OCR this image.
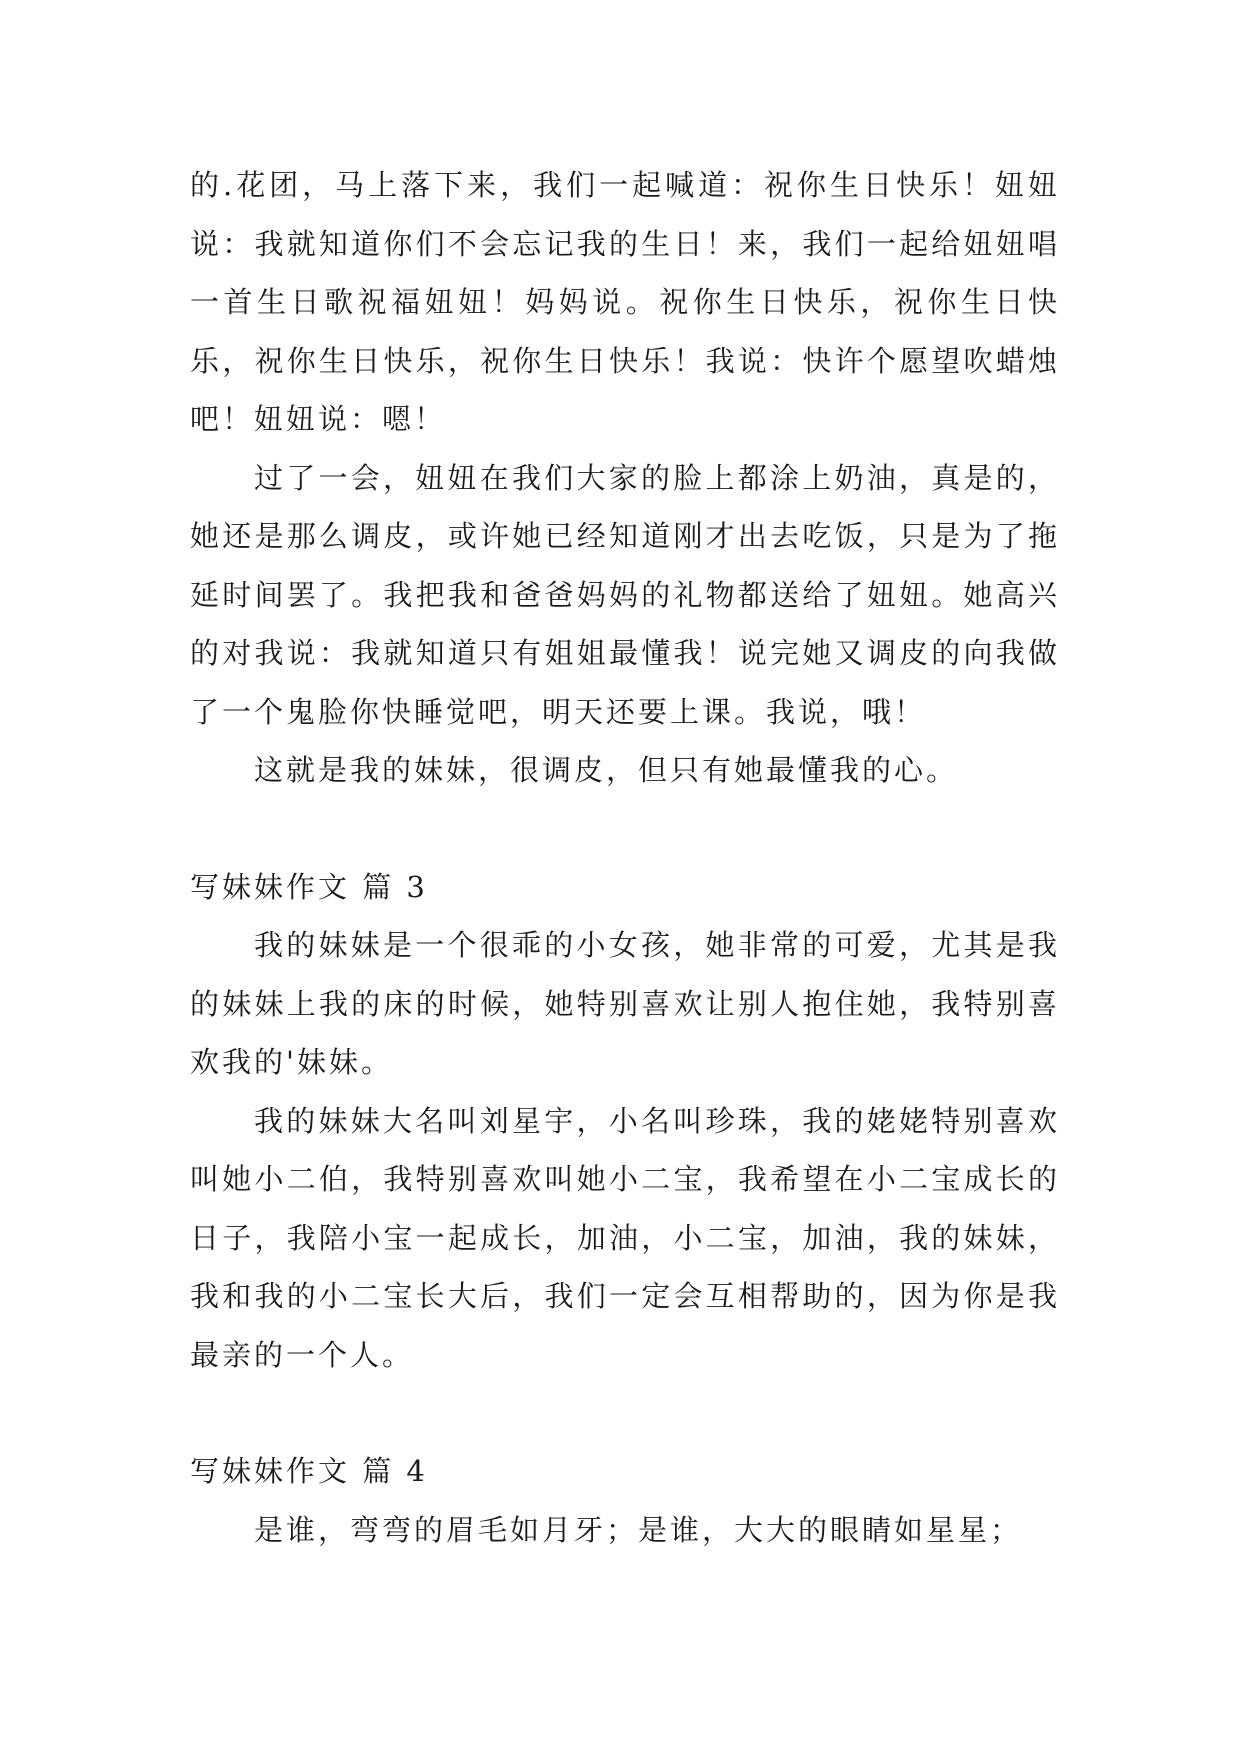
的.花团，马上落下来，我们一起喊道：祝你生日快乐！妞妞说：我就知道你们不会忘记我的生日！来，我们一起给妞妞唱一首生日歌祝福妞妞！妈妈说。祝你生日快乐，祝你生日快乐，祝你生日快乐，祝你生日快乐！我说：快许个愿望吹蜡烛吧！妞妞说：嗯！

过了一会，妞妞在我们大家的脸上都涂上奶油，真是的，她还是那么调皮，或许她已经知道刚才出去吃饭，只是为了拖延时间罢了。我把我和爸爸妈妈的礼物都送给了妞妞。她高兴的对我说：我就知道只有姐姐最懂我！说完她又调皮的向我做了一个鬼脸你快睡觉吧，明天还要上课。我说，哦！

这就是我的妹妹，很调皮，但只有她最懂我的心。

写妹妹作文 篇 3

我的妹妹是一个很乖的小女孩，她非常的可爱，尤其是我的妹妹上我的床的时候，她特别喜欢让别人抱住她，我特别喜欢我的'妹妹。

我的妹妹大名叫刘星宇，小名叫珍珠，我的姥姥特别喜欢叫她小二伯，我特别喜欢叫她小二宝，我希望在小二宝成长的日子，我陪小宝一起成长，加油，小二宝，加油，我的妹妹，我和我的小二宝长大后，我们一定会互相帮助的，因为你是我最亲的一个人。

写妹妹作文 篇 4

是谁，弯弯的眉毛如月牙；是谁，大大的眼睛如星星；
